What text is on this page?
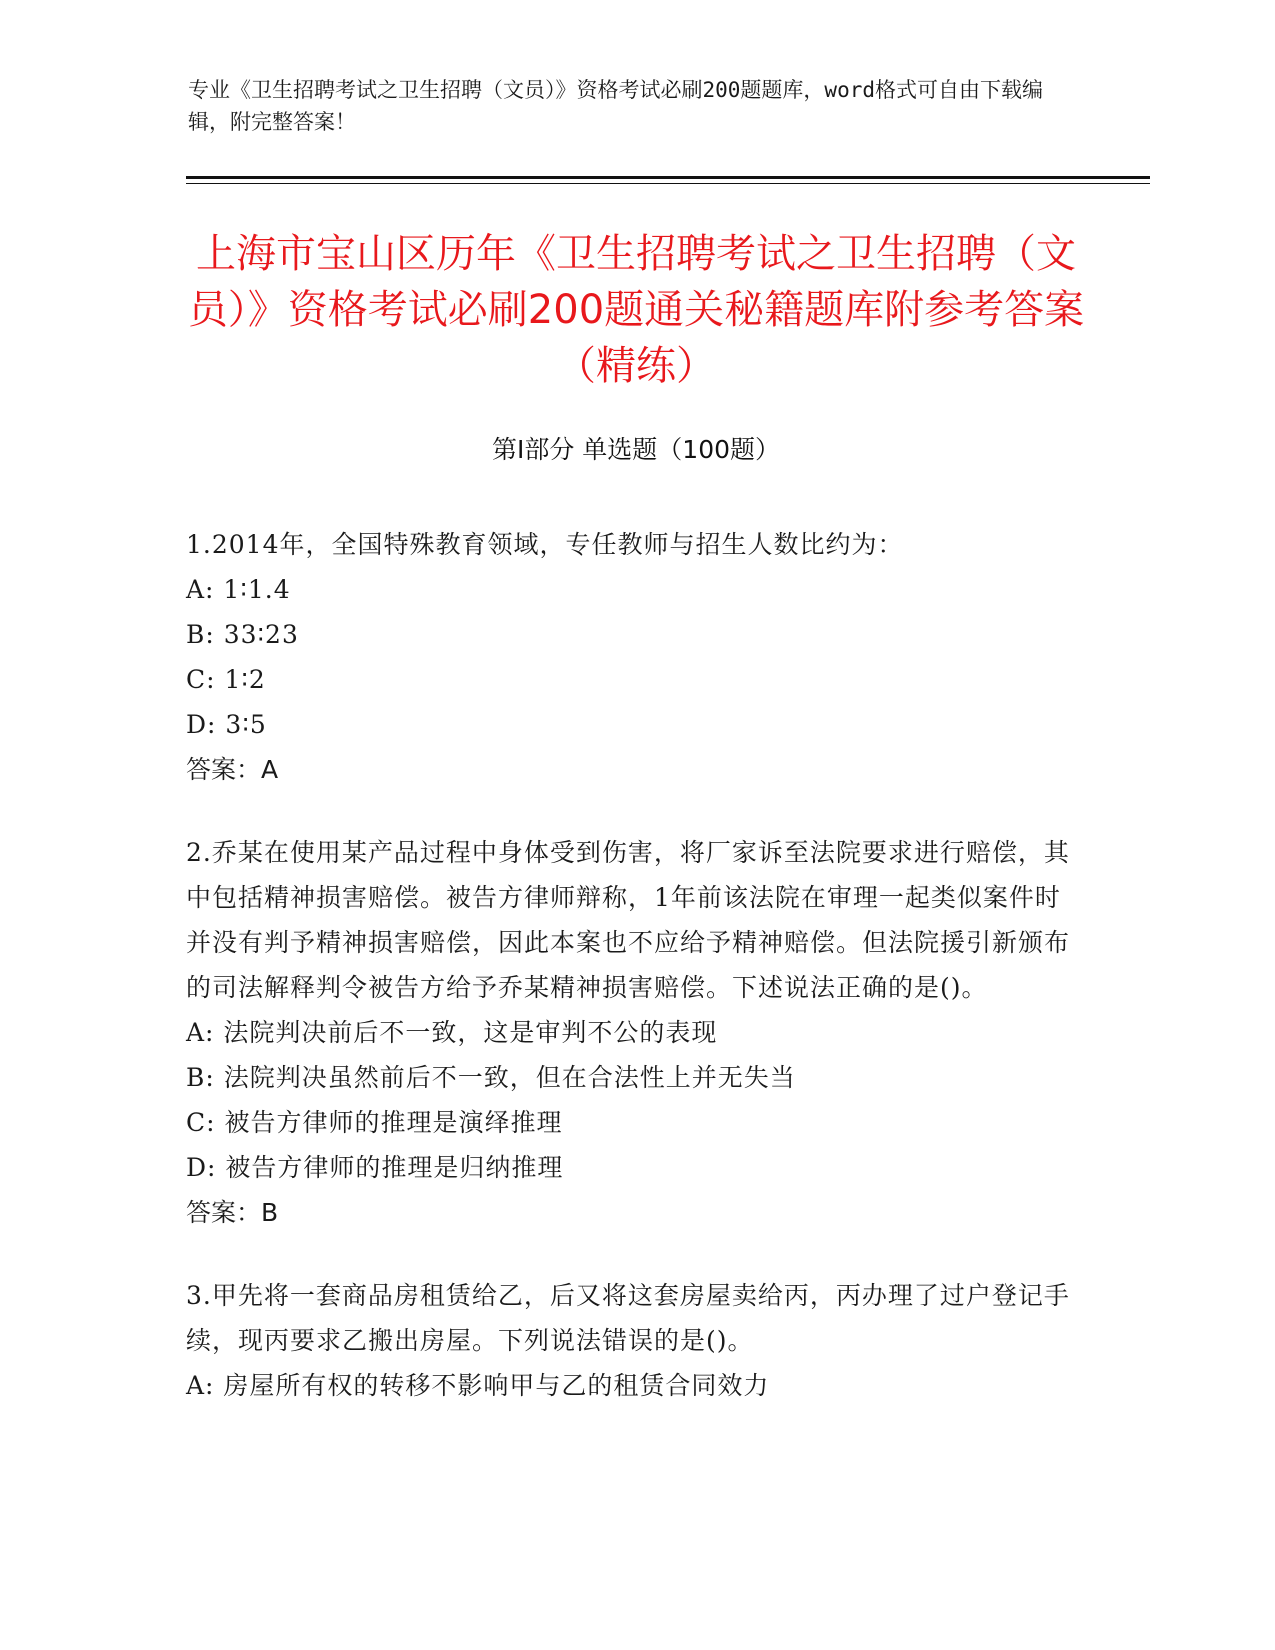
专业《卫生招聘考试之卫生招聘（文员）》资格考试必刷200题题库，word格式可自由下载编辑，附完整答案！
上海市宝山区历年《卫生招聘考试之卫生招聘（文员）》资格考试必刷200题通关秘籍题库附参考答案（精练）
第Ⅰ部分 单选题（100题）
1.2014年，全国特殊教育领域，专任教师与招生人数比约为：
A: 1∶1.4
B: 33∶23
C: 1∶2
D: 3∶5
答案：A
2.乔某在使用某产品过程中身体受到伤害，将厂家诉至法院要求进行赔偿，其中包括精神损害赔偿。被告方律师辩称，1年前该法院在审理一起类似案件时并没有判予精神损害赔偿，因此本案也不应给予精神赔偿。但法院援引新颁布的司法解释判令被告方给予乔某精神损害赔偿。下述说法正确的是()。
A: 法院判决前后不一致，这是审判不公的表现
B: 法院判决虽然前后不一致，但在合法性上并无失当
C: 被告方律师的推理是演绎推理
D: 被告方律师的推理是归纳推理
答案：B
3.甲先将一套商品房租赁给乙，后又将这套房屋卖给丙，丙办理了过户登记手续，现丙要求乙搬出房屋。下列说法错误的是()。
A: 房屋所有权的转移不影响甲与乙的租赁合同效力
